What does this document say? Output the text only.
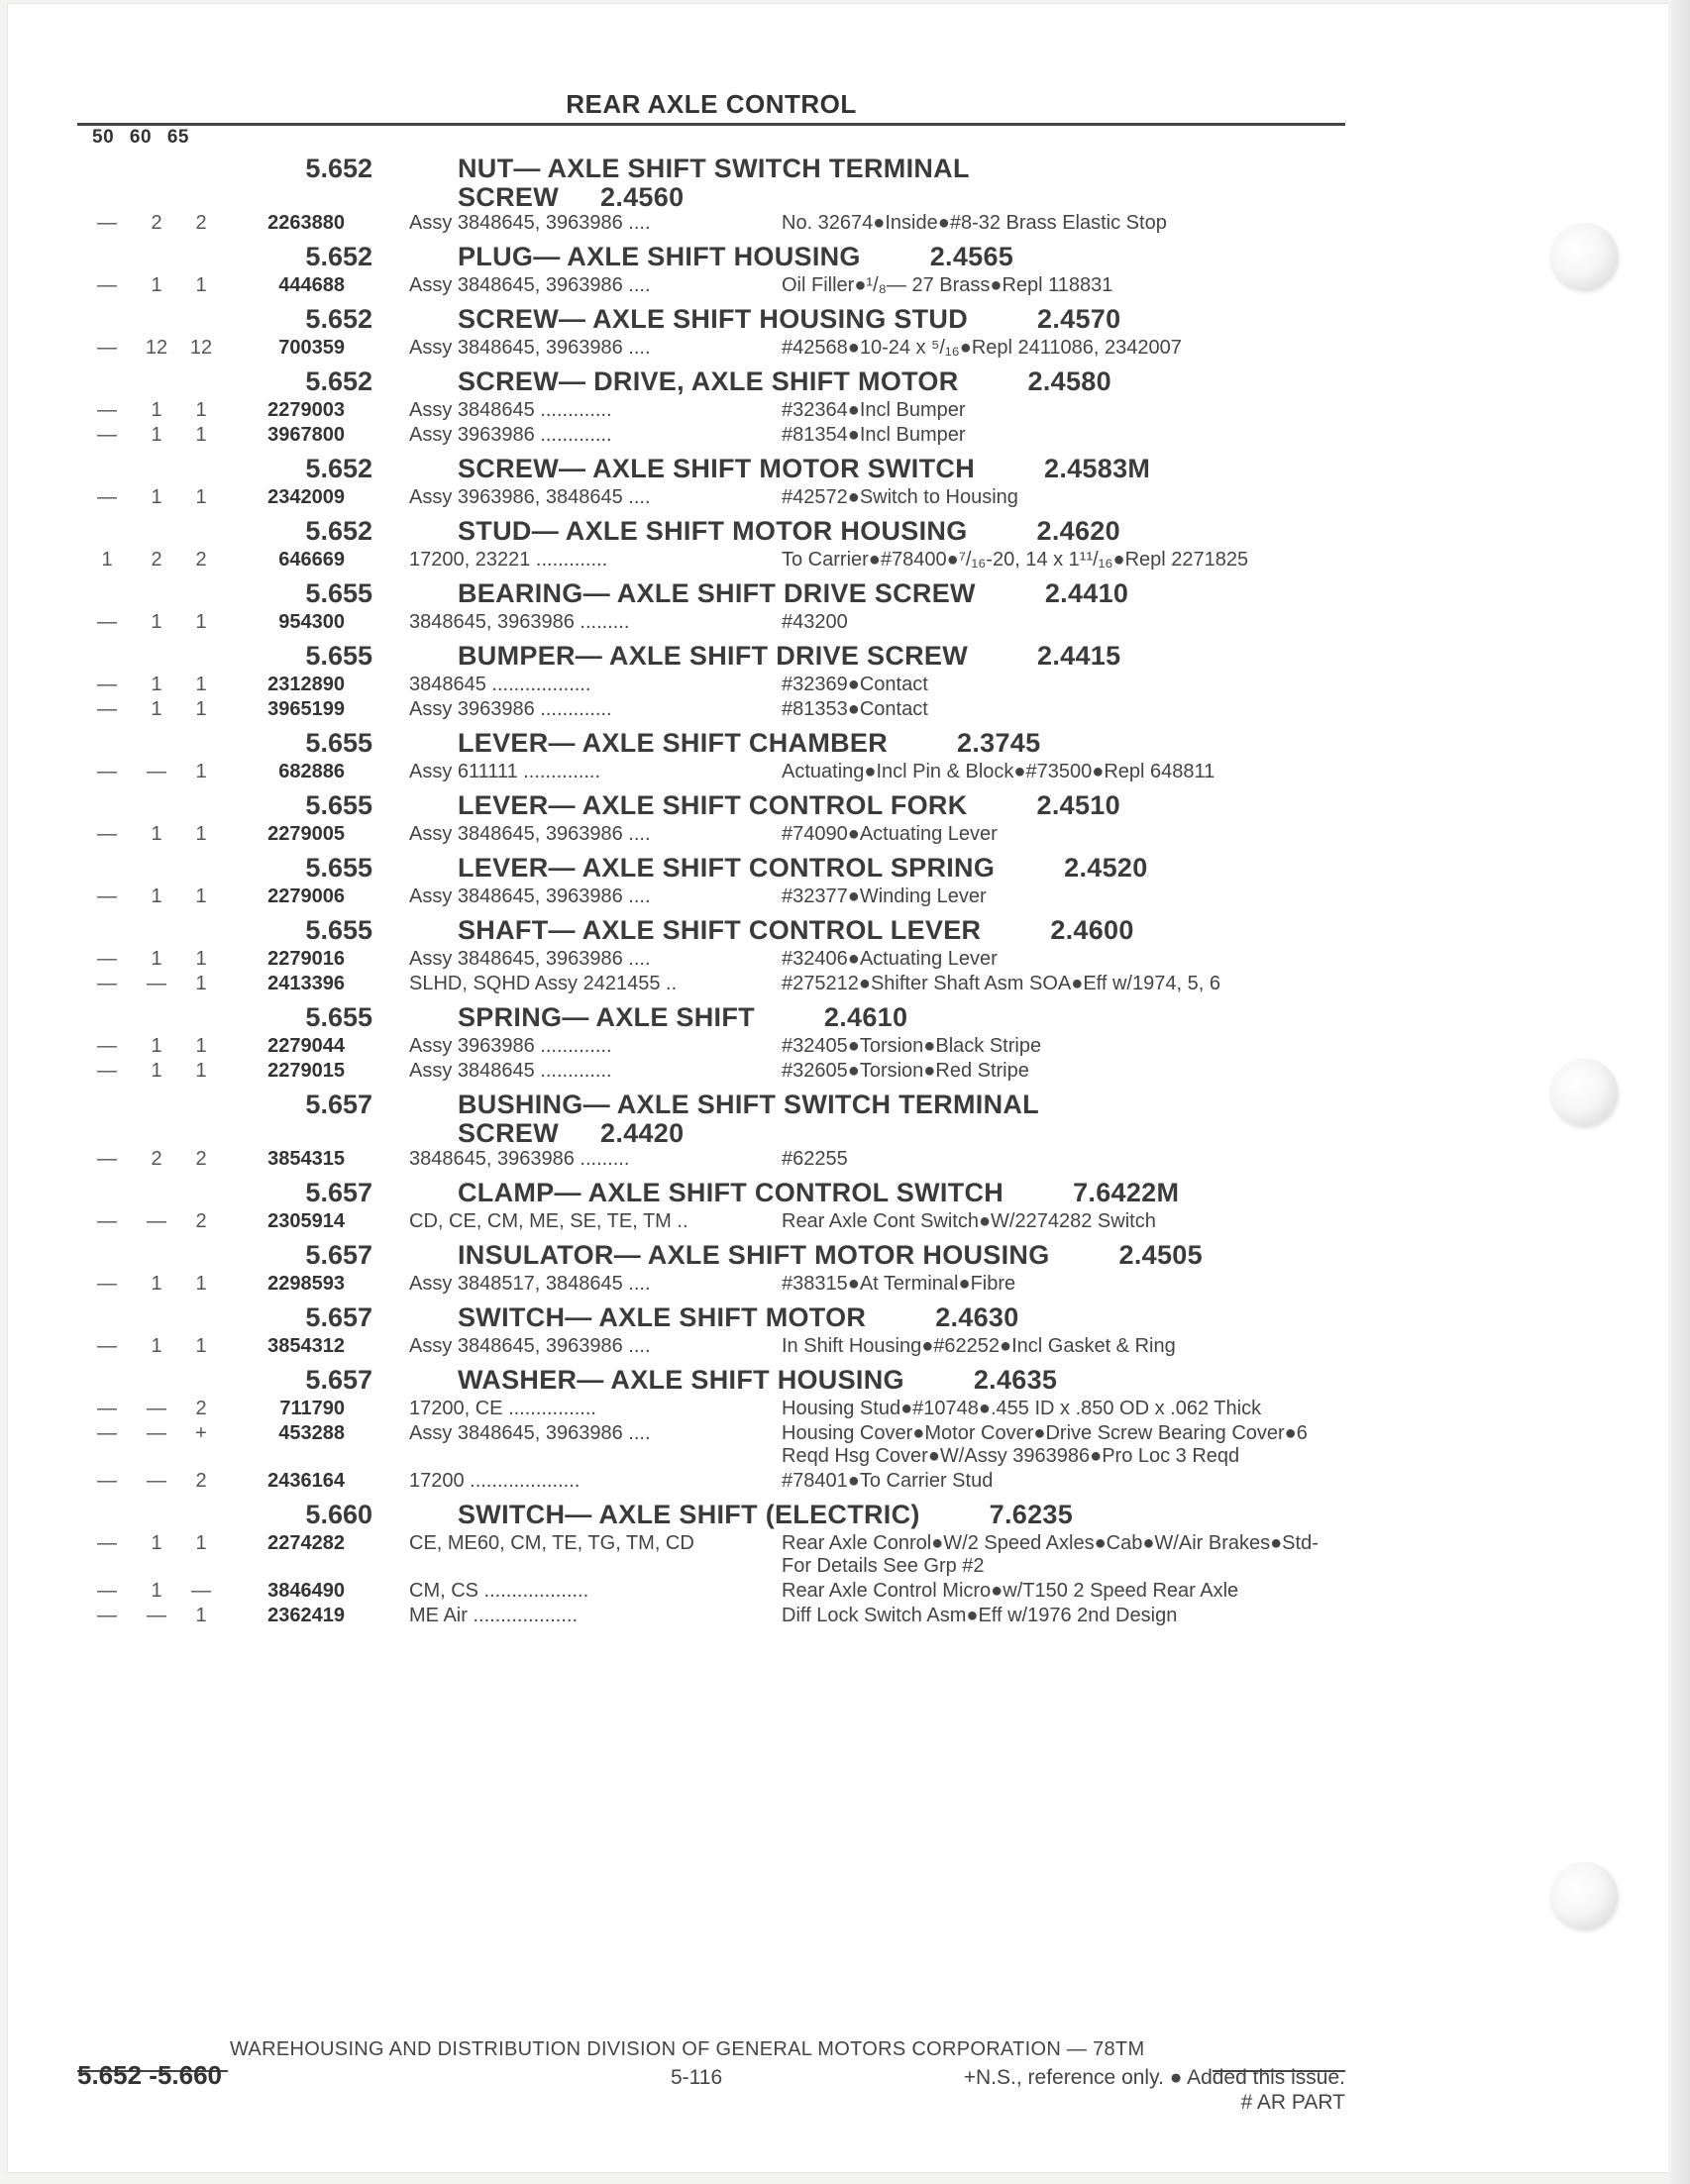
REAR AXLE CONTROL
50 60 65
5.652	NUT— AXLE SHIFT SWITCH TERMINAL
SCREW 2.4560
—	2	2	2263880	Assy 3848645, 3963986 ....	No. 32674●Inside●#8-32 Brass Elastic Stop
5.652	PLUG— AXLE SHIFT HOUSING	2.4565
—	1	1	444688	Assy 3848645, 3963986 ....	Oil Filler●¹/₈— 27 Brass●Repl 118831
5.652	SCREW— AXLE SHIFT HOUSING STUD	2.4570
— 12 12	700359	Assy 3848645, 3963986 ....	#42568●10-24 x ⁵/₁₆●Repl 2411086, 2342007
5.652	SCREW— DRIVE, AXLE SHIFT MOTOR	2.4580
—	1	1	2279003	Assy 3848645 .............	#32364●Incl Bumper
—	1	1	3967800	Assy 3963986 .............	#81354●Incl Bumper
5.652	SCREW— AXLE SHIFT MOTOR SWITCH	2.4583M
—	1	1	2342009	Assy 3963986, 3848645 ....	#42572●Switch to Housing
5.652	STUD— AXLE SHIFT MOTOR HOUSING	2.4620
1	2	2	646669	17200, 23221 .............	To Carrier●#78400●⁷/₁₆-20, 14 x 1¹¹/₁₆●Repl 2271825
5.655	BEARING— AXLE SHIFT DRIVE SCREW	2.4410
—	1	1	954300	3848645, 3963986 .........	#43200
5.655	BUMPER— AXLE SHIFT DRIVE SCREW	2.4415
—	1	1	2312890	3848645 ..................	#32369●Contact
—	1	1	3965199	Assy 3963986 .............	#81353●Contact
5.655	LEVER— AXLE SHIFT CHAMBER	2.3745
— —	1	682886	Assy 611111 ..............	Actuating●Incl Pin & Block●#73500●Repl 648811
5.655	LEVER— AXLE SHIFT CONTROL FORK	2.4510
—	1	1	2279005	Assy 3848645, 3963986 ....	#74090●Actuating Lever
5.655	LEVER— AXLE SHIFT CONTROL SPRING	2.4520
—	1	1	2279006	Assy 3848645, 3963986 ....	#32377●Winding Lever
5.655	SHAFT— AXLE SHIFT CONTROL LEVER	2.4600
—	1	1	2279016	Assy 3848645, 3963986 ....	#32406●Actuating Lever
— —	1	2413396	SLHD, SQHD Assy 2421455 ..	#275212●Shifter Shaft Asm SOA●Eff w/1974, 5, 6
5.655	SPRING— AXLE SHIFT	2.4610
—	1	1	2279044	Assy 3963986 .............	#32405●Torsion●Black Stripe
—	1	1	2279015	Assy 3848645 .............	#32605●Torsion●Red Stripe
5.657	BUSHING— AXLE SHIFT SWITCH TERMINAL
SCREW 2.4420
—	2	2	3854315	3848645, 3963986 .........	#62255
5.657	CLAMP— AXLE SHIFT CONTROL SWITCH	7.6422M
— —	2	2305914	CD, CE, CM, ME, SE, TE, TM ..	Rear Axle Cont Switch●W/2274282 Switch
5.657	INSULATOR— AXLE SHIFT MOTOR HOUSING	2.4505
—	1	1	2298593	Assy 3848517, 3848645 ....	#38315●At Terminal●Fibre
5.657	SWITCH— AXLE SHIFT MOTOR	2.4630
—	1	1	3854312	Assy 3848645, 3963986 ....	In Shift Housing●#62252●Incl Gasket & Ring
5.657	WASHER— AXLE SHIFT HOUSING	2.4635
— —	2	711790	17200, CE ................	Housing Stud●#10748●.455 ID x .850 OD x .062 Thick
— —	+	453288	Assy 3848645, 3963986 ....	Housing Cover●Motor Cover●Drive Screw Bearing Cover●6 Reqd Hsg Cover●W/Assy 3963986●Pro Loc 3 Reqd
— —	2	2436164	17200 ....................	#78401●To Carrier Stud
5.660	SWITCH— AXLE SHIFT (ELECTRIC)	7.6235
—	1	1	2274282	CE, ME60, CM, TE, TG, TM, CD	Rear Axle Conrol●W/2 Speed Axles●Cab●W/Air Brakes●Std-For Details See Grp #2
—	1	—	3846490	CM, CS ...................	Rear Axle Control Micro●w/T150 2 Speed Rear Axle
— —	1	2362419	ME Air ...................	Diff Lock Switch Asm●Eff w/1976 2nd Design
WAREHOUSING AND DISTRIBUTION DIVISION OF GENERAL MOTORS CORPORATION — 78TM
5.652 -5.660	5-116	+N.S., reference only. ● Added this issue.
# AR PART
